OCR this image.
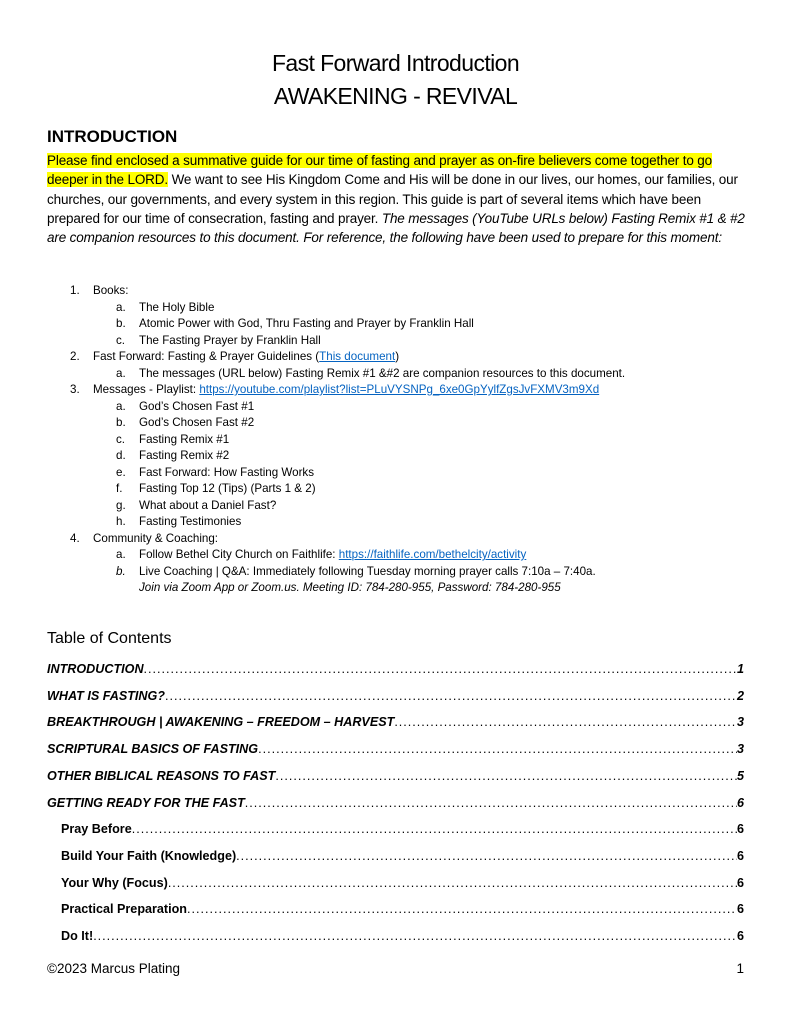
Fast Forward Introduction
AWAKENING - REVIVAL
INTRODUCTION
Please find enclosed a summative guide for our time of fasting and prayer as on-fire believers come together to go deeper in the LORD. We want to see His Kingdom Come and His will be done in our lives, our homes, our families, our churches, our governments, and every system in this region. This guide is part of several items which have been prepared for our time of consecration, fasting and prayer. The messages (YouTube URLs below) Fasting Remix #1 & #2 are companion resources to this document. For reference, the following have been used to prepare for this moment:
1. Books:
a. The Holy Bible
b. Atomic Power with God, Thru Fasting and Prayer by Franklin Hall
c. The Fasting Prayer by Franklin Hall
2. Fast Forward: Fasting & Prayer Guidelines (This document)
a. The messages (URL below) Fasting Remix #1 &#2 are companion resources to this document.
3. Messages - Playlist: https://youtube.com/playlist?list=PLuVYSNPg_6xe0GpYylfZgsJvFXMV3m9Xd
a. God’s Chosen Fast #1
b. God’s Chosen Fast #2
c. Fasting Remix #1
d. Fasting Remix #2
e. Fast Forward: How Fasting Works
f. Fasting Top 12 (Tips) (Parts 1 & 2)
g. What about a Daniel Fast?
h. Fasting Testimonies
4. Community & Coaching:
a. Follow Bethel City Church on Faithlife: https://faithlife.com/bethelcity/activity
b. Live Coaching | Q&A: Immediately following Tuesday morning prayer calls 7:10a – 7:40a.
Join via Zoom App or Zoom.us. Meeting ID: 784-280-955, Password: 784-280-955
Table of Contents
INTRODUCTION .....	1
WHAT IS FASTING? .....	2
BREAKTHROUGH | AWAKENING – FREEDOM – HARVEST .....	3
SCRIPTURAL BASICS OF FASTING .....	3
OTHER BIBLICAL REASONS TO FAST .....	5
GETTING READY FOR THE FAST .....	6
Pray Before .....	6
Build Your Faith (Knowledge) .....	6
Your Why (Focus) .....	6
Practical Preparation .....	6
Do It! .....	6
©2023 Marcus Plating	1
